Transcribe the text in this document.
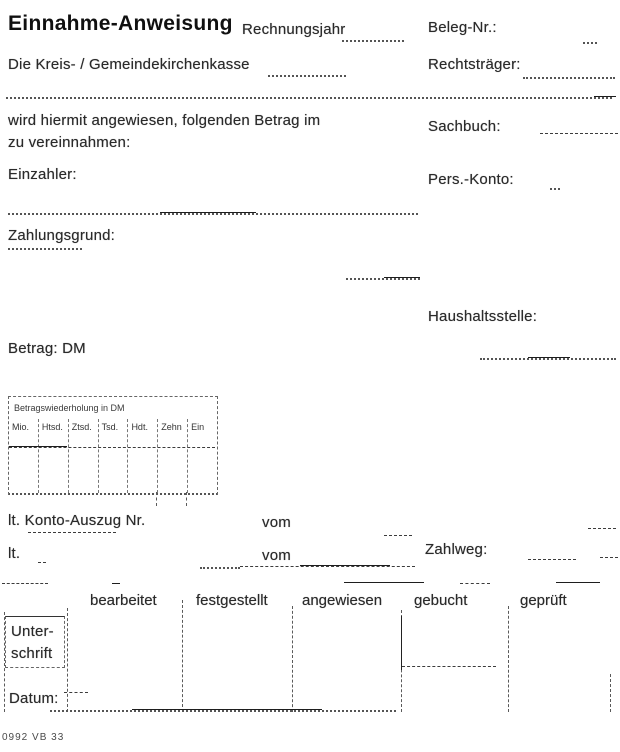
Einnahme-Anweisung Rechnungsjahr	Beleg-Nr.:
Die Kreis- / Gemeindekirchenkasse	Rechtsträger:
wird hiermit angewiesen, folgenden Betrag im
zu vereinnahmen:
Sachbuch:
Einzahler:	Pers.-Konto:
Zahlungsgrund:
Haushaltsstelle:
Betrag: DM
Betragswiederholung in DM
Mio.	Htsd. Ztsd.	Tsd.	Hdt.	Zehn	Ein
lt. Konto-Auszug Nr.	vom
lt.	vom	Zahlweg:
bearbeitet	festgestellt angewiesen gebucht	geprüft
Unter-
schrift
Datum:
0992 VB 33
